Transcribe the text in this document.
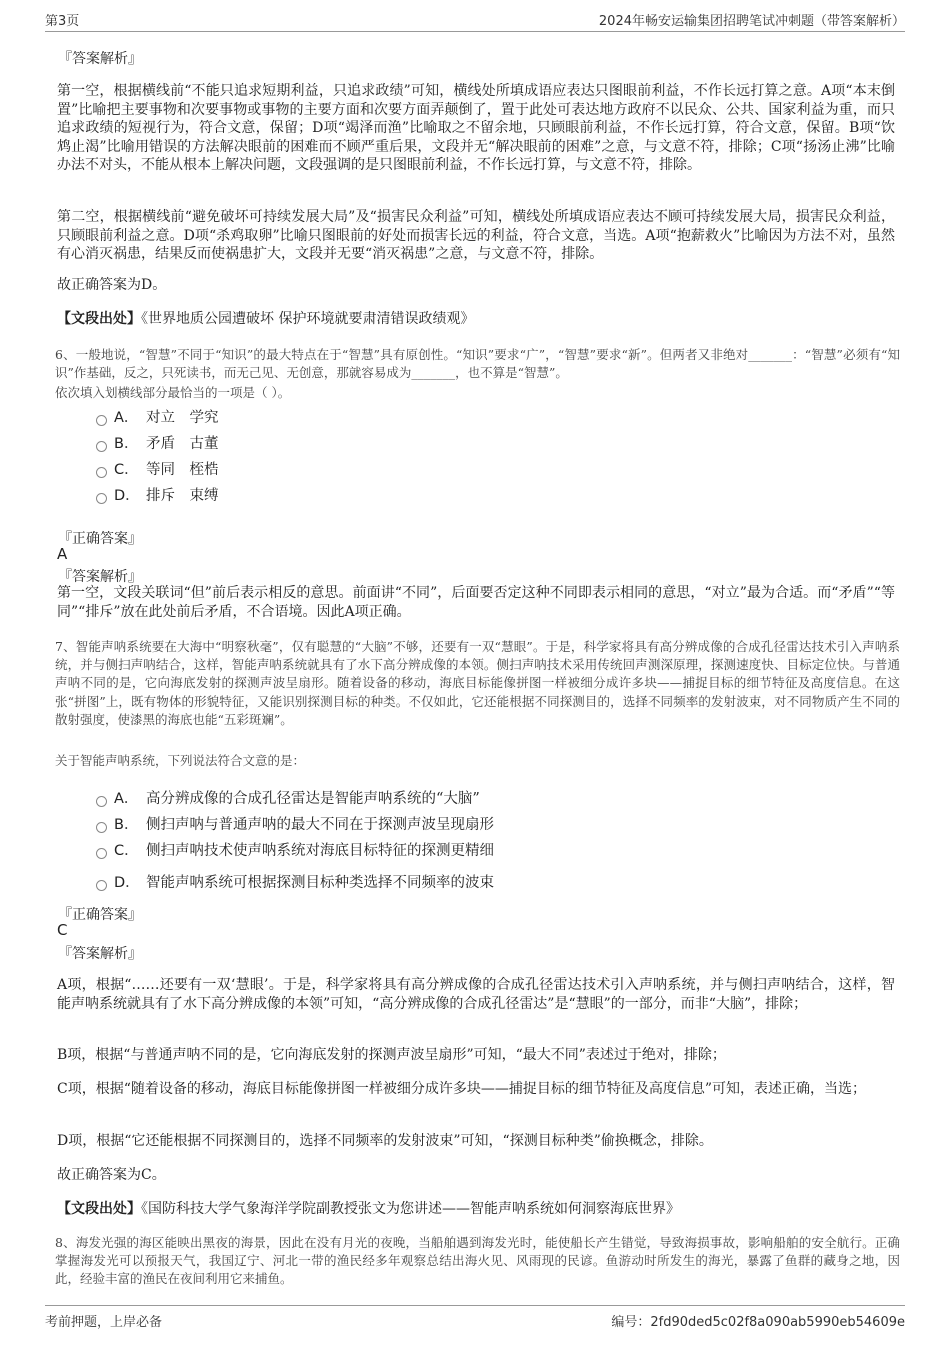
第3页	2024年畅安运输集团招聘笔试冲刺题（带答案解析）
『答案解析』
第一空，根据横线前“不能只追求短期利益，只追求政绩”可知，横线处所填成语应表达只图眼前利益，不作长远打算之意。A项“本末倒置”比喻把主要事物和次要事物或事物的主要方面和次要方面弄颠倒了，置于此处可表达地方政府不以民众、公共、国家利益为重，而只追求政绩的短视行为，符合文意，保留；D项“竭泽而渔”比喻取之不留余地，只顾眼前利益，不作长远打算，符合文意，保留。B项“饮鸩止渴”比喻用错误的方法解决眼前的困难而不顾严重后果，文段并无“解决眼前的困难”之意，与文意不符，排除；C项“扬汤止沸”比喻办法不对头，不能从根本上解决问题，文段强调的是只图眼前利益，不作长远打算，与文意不符，排除。
第二空，根据横线前“避免破坏可持续发展大局”及“损害民众利益”可知，横线处所填成语应表达不顾可持续发展大局，损害民众利益，只顾眼前利益之意。D项“杀鸡取卵”比喻只图眼前的好处而损害长远的利益，符合文意，当选。A项“抱薪救火”比喻因为方法不对，虽然有心消灭祸患，结果反而使祸患扩大，文段并无要“消灭祸患”之意，与文意不符，排除。
故正确答案为D。
【文段出处】《世界地质公园遭破坏 保护环境就要肃清错误政绩观》
6、一般地说，“智慧”不同于“知识”的最大特点在于“智慧”具有原创性。“知识”要求“广”，“智慧”要求“新”。但两者又非绝对_______：“智慧”必须有“知识”作基础，反之，只死读书，而无己见、无创意，那就容易成为_______，也不算是“智慧”。
依次填入划横线部分最恰当的一项是（ ）。
A． 对立　学究
B． 矛盾　古董
C． 等同　桎梏
D． 排斥　束缚
『正确答案』
A
『答案解析』
第一空，文段关联词“但”前后表示相反的意思。前面讲“不同”，后面要否定这种不同即表示相同的意思，“对立”最为合适。而“矛盾”“等同”“排斥”放在此处前后矛盾，不合语境。因此A项正确。
7、智能声呐系统要在大海中“明察秋毫”，仅有聪慧的“大脑”不够，还要有一双“慧眼”。于是，科学家将具有高分辨成像的合成孔径雷达技术引入声呐系统，并与侧扫声呐结合，这样，智能声呐系统就具有了水下高分辨成像的本领。侧扫声呐技术采用传统回声测深原理，探测速度快、目标定位快。与普通声呐不同的是，它向海底发射的探测声波呈扇形。随着设备的移动，海底目标能像拼图一样被细分成许多块——捕捉目标的细节特征及高度信息。在这张“拼图”上，既有物体的形貌特征，又能识别探测目标的种类。不仅如此，它还能根据不同探测目的，选择不同频率的发射波束，对不同物质产生不同的散射强度，使漆黑的海底也能“五彩斑斓”。
关于智能声呐系统，下列说法符合文意的是：
A． 高分辨成像的合成孔径雷达是智能声呐系统的“大脑”
B． 侧扫声呐与普通声呐的最大不同在于探测声波呈现扇形
C． 侧扫声呐技术使声呐系统对海底目标特征的探测更精细
D． 智能声呐系统可根据探测目标种类选择不同频率的波束
『正确答案』
C
『答案解析』
A项，根据“……还要有一双‘慧眼’。于是，科学家将具有高分辨成像的合成孔径雷达技术引入声呐系统，并与侧扫声呐结合，这样，智能声呐系统就具有了水下高分辨成像的本领”可知，“高分辨成像的合成孔径雷达”是“慧眼”的一部分，而非“大脑”，排除；
B项，根据“与普通声呐不同的是，它向海底发射的探测声波呈扇形”可知，“最大不同”表述过于绝对，排除；
C项，根据“随着设备的移动，海底目标能像拼图一样被细分成许多块——捕捉目标的细节特征及高度信息”可知，表述正确，当选；
D项，根据“它还能根据不同探测目的，选择不同频率的发射波束”可知，“探测目标种类”偷换概念，排除。
故正确答案为C。
【文段出处】《国防科技大学气象海洋学院副教授张文为您讲述——智能声呐系统如何洞察海底世界》
8、海发光强的海区能映出黑夜的海景，因此在没有月光的夜晚，当船舶遇到海发光时，能使船长产生错觉，导致海损事故，影响船舶的安全航行。正确掌握海发光可以预报天气，我国辽宁、河北一带的渔民经多年观察总结出海火见、风雨现的民谚。鱼游动时所发生的海光，暴露了鱼群的藏身之地，因此，经验丰富的渔民在夜间利用它来捕鱼。
考前押题，上岸必备	编号：2fd90ded5c02f8a090ab5990eb54609e
